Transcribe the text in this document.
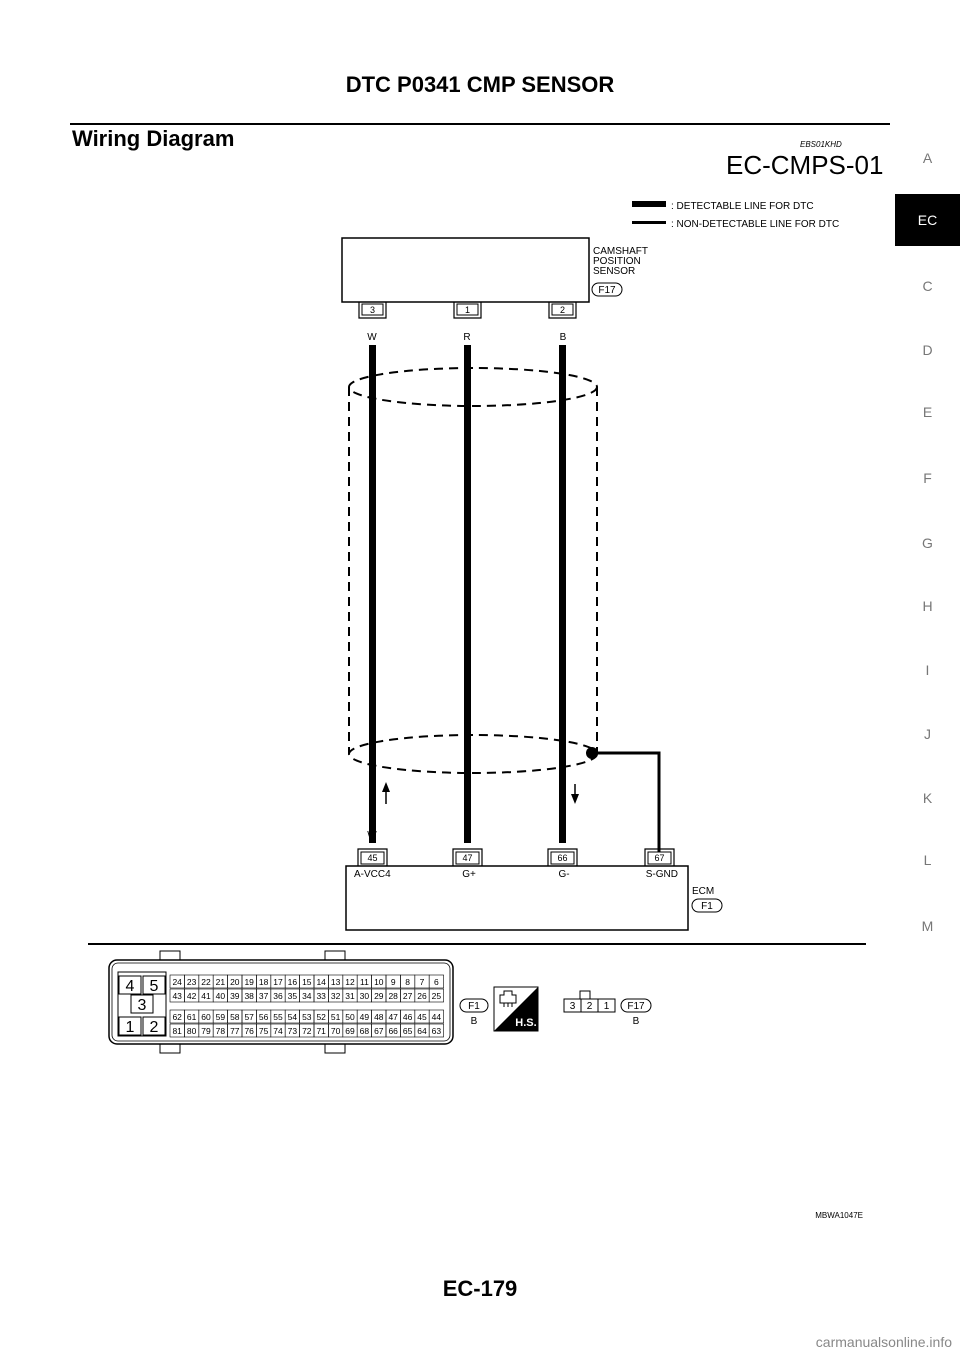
DTC P0341 CMP SENSOR
Wiring Diagram	EBS01KHD
EC-CMPS-01	A
EC
C
D
E
F
G
H
I
J
K
L
M
: DETECTABLE LINE FOR DTC
: NON-DETECTABLE LINE FOR DTC
CAMSHAFT
POSITION
SENSOR
F17
3	1	2
W	R	B
W	R	B
45	47	66	67
A-VCC4	G+	G-	S-GND
ECM
F1
4 5
3
1 2
24 23 22 21 20 19 18 17 16 15 14 13 12 11 10 9 8 7 6
43 42 41 40 39 38 37 36 35 34 33 32 31 30 29 28 27 26 25
62 61 60 59 58 57 56 55 54 53 52 51 50 49 48 47 46 45 44
81 80 79 78 77 76 75 74 73 72 71 70 69 68 67 66 65 64 63
F1
B	H.S.
3 2 1 F17
B
MBWA1047E
EC-179
carmanualsonline.info
